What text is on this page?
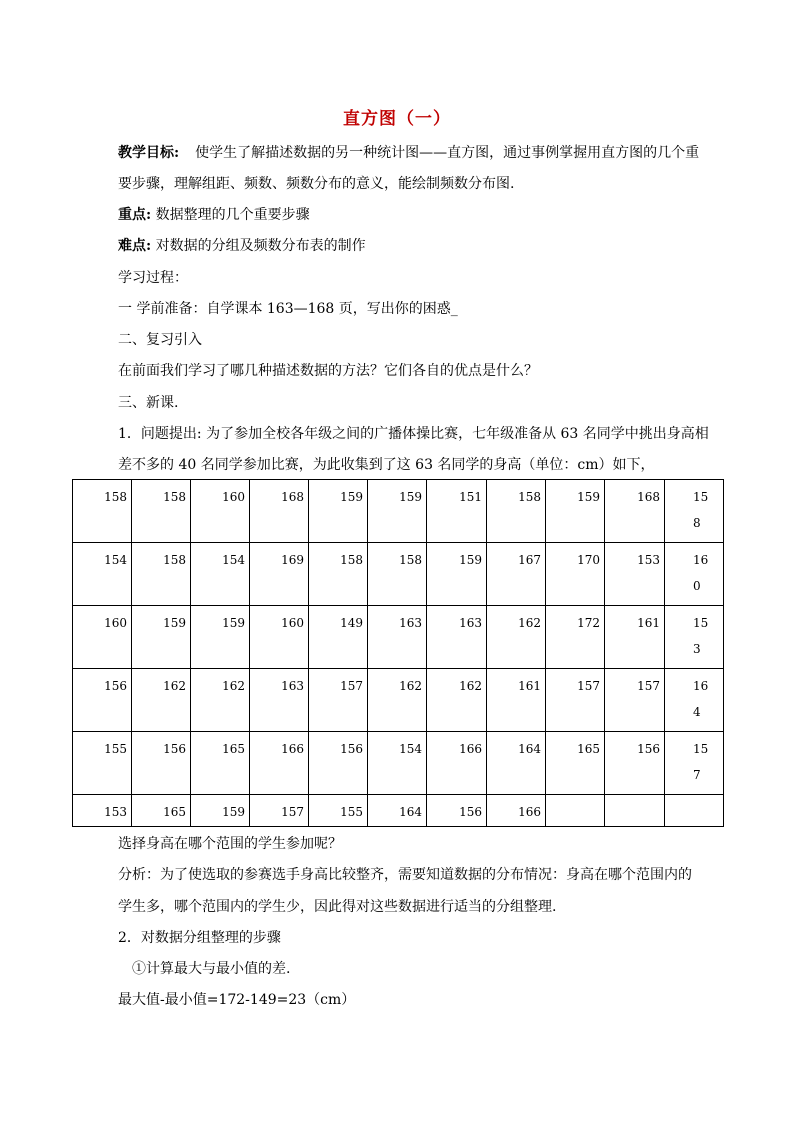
直方图（一）
教学目标: 使学生了解描述数据的另一种统计图——直方图，通过事例掌握用直方图的几个重
要步骤，理解组距、频数、频数分布的意义，能绘制频数分布图.
重点: 数据整理的几个重要步骤
难点: 对数据的分组及频数分布表的制作
学习过程：
一 学前准备：自学课本 163—168 页，写出你的困惑_
二、复习引入
在前面我们学习了哪几种描述数据的方法？它们各自的优点是什么？
三、新课.
1．问题提出: 为了参加全校各年级之间的广播体操比赛，七年级准备从 63 名同学中挑出身高相
差不多的 40 名同学参加比赛，为此收集到了这 63 名同学的身高（单位：cm）如下，
158	158	160	168	159	159	151	158	159	168	158

154	158	154	169	158	158	159	167	170	153	160

160	159	159	160	149	163	163	162	172	161	153

156	162	162	163	157	162	162	161	157	157	164

155	156	165	166	156	154	166	164	165	156	157

153	165	159	157	155	164	156	166			

选择身高在哪个范围的学生参加呢？
分析：为了使选取的参赛选手身高比较整齐，需要知道数据的分布情况：身高在哪个范围内的
学生多，哪个范围内的学生少，因此得对这些数据进行适当的分组整理.
2．对数据分组整理的步骤
①计算最大与最小值的差.
最大值-最小值=172-149=23（cm）
